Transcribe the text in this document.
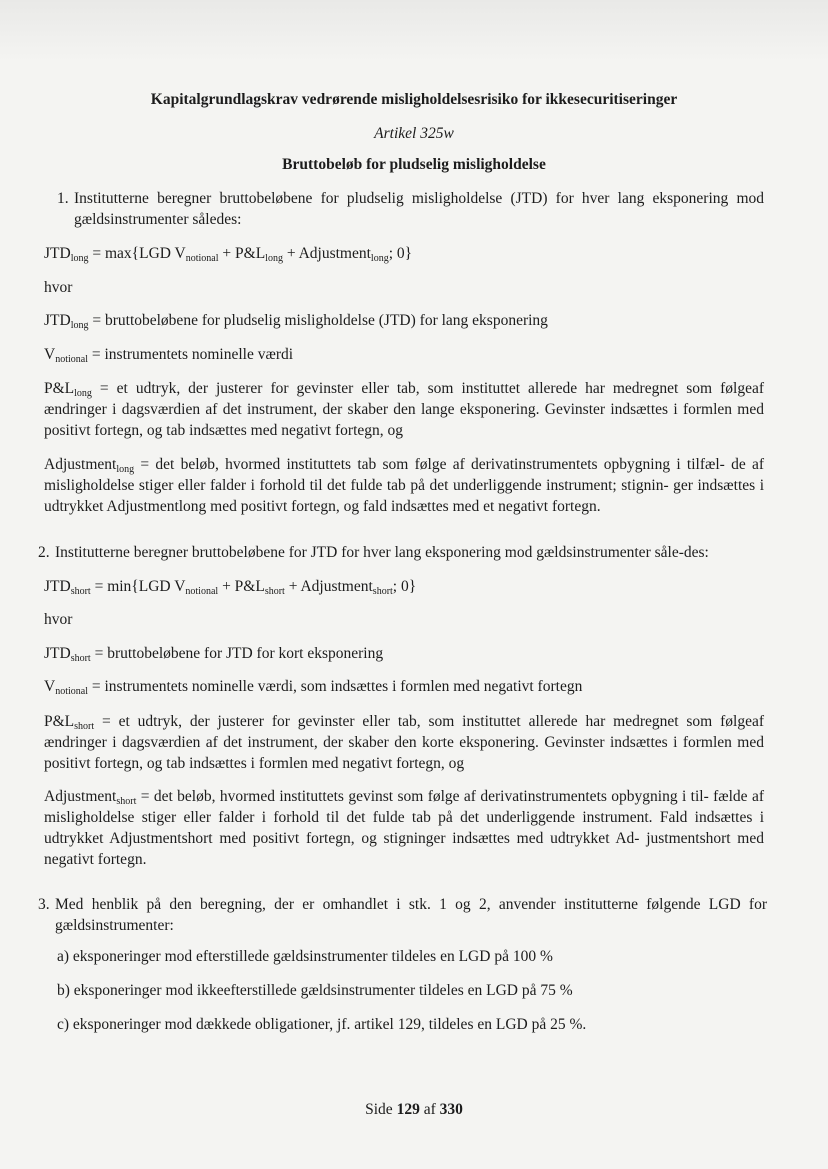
Kapitalgrundlagskrav vedrørende misligholdelsesrisiko for ikkesecuritiseringer
Artikel 325w
Bruttobeløb for pludselig misligholdelse
1. Institutterne beregner bruttobeløbene for pludselig misligholdelse (JTD) for hver lang eksponering mod gældsinstrumenter således:
$JTD_{long} = \max\{LGD$ $V_{notional}$ + $P\&L_{long}$ + Adjustment$_{long}$; 0}
hvor
$JTD_{long}$ = bruttobeløbene for pludselig misligholdelse (JTD) for lang eksponering
$V_{notional}$ = instrumentets nominelle værdi
$P\&L_{long}$ = et udtryk, der justerer for gevinster eller tab, som instituttet allerede har medregnet som følgeaf ændringer i dagsværdien af det instrument, der skaber den lange eksponering. Gevinster indsættes i formlen med positivt fortegn, og tab indsættes med negativt fortegn, og
Adjustment$_{long}$ = det beløb, hvormed instituttets tab som følge af derivatinstrumentets opbygning i tilfæl- de af misligholdelse stiger eller falder i forhold til det fulde tab på det underliggende instrument; stignin- ger indsættes i udtrykket Adjustmentlong med positivt fortegn, og fald indsættes med et negativt fortegn.
2. Institutterne beregner bruttobeløbene for JTD for hver lang eksponering mod gældsinstrumenter såle-des:
$JTD_{short} = \min\{LGD$ $V_{notional}$ + $P\&L_{short}$ + Adjustment$_{short}$; 0}
hvor
$JTD_{short}$ = bruttobeløbene for JTD for kort eksponering
$V_{notional}$ = instrumentets nominelle værdi, som indsættes i formlen med negativt fortegn
$P\&L_{short}$ = et udtryk, der justerer for gevinster eller tab, som instituttet allerede har medregnet som følgeaf ændringer i dagsværdien af det instrument, der skaber den korte eksponering. Gevinster indsættes i formlen med positivt fortegn, og tab indsættes i formlen med negativt fortegn, og
Adjustment$_{short}$ = det beløb, hvormed instituttets gevinst som følge af derivatinstrumentets opbygning i til- fælde af misligholdelse stiger eller falder i forhold til det fulde tab på det underliggende instrument. Fald indsættes i udtrykket Adjustmentshort med positivt fortegn, og stigninger indsættes med udtrykket Ad- justmentshort med negativt fortegn.
3. Med henblik på den beregning, der er omhandlet i stk. 1 og 2, anvender institutterne følgende LGD for gældsinstrumenter:
a) eksponeringer mod efterstillede gældsinstrumenter tildeles en LGD på 100 %
b) eksponeringer mod ikkeefterstillede gældsinstrumenter tildeles en LGD på 75 %
c) eksponeringer mod dækkede obligationer, jf. artikel 129, tildeles en LGD på 25 %.
Side 129 af 330
